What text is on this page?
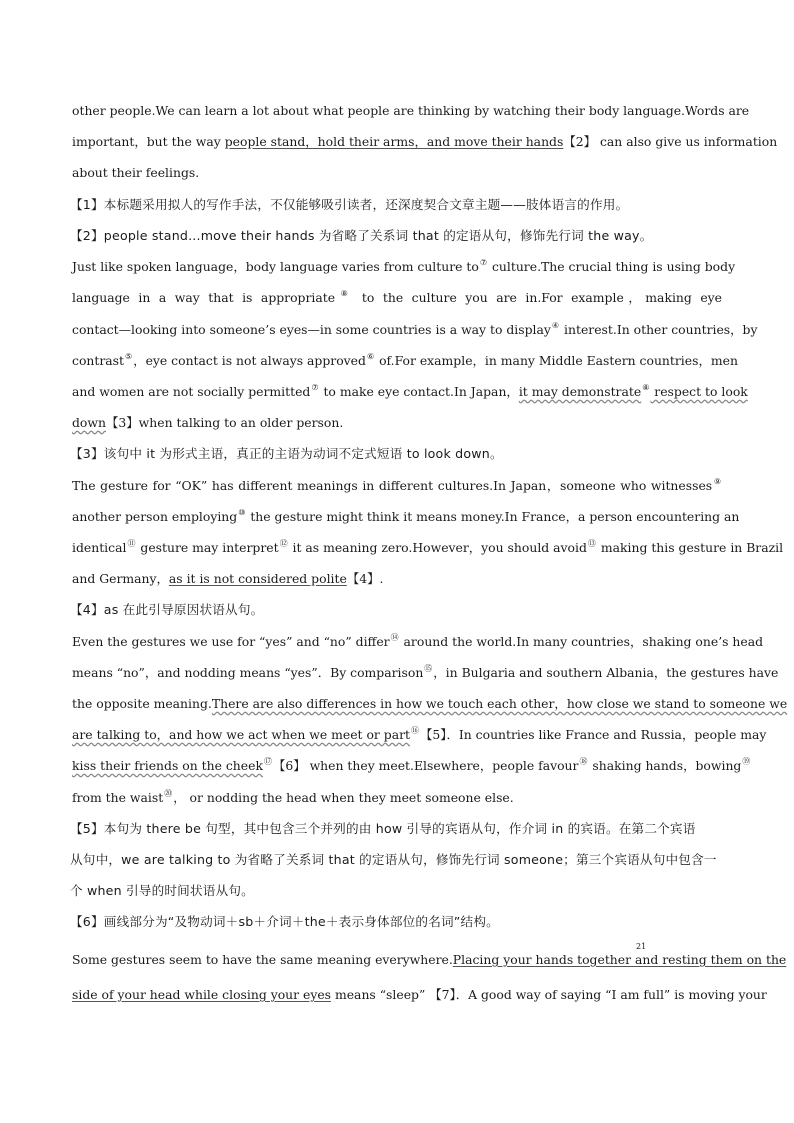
other people.We can learn a lot about what people are thinking by watching their body language.Words are
important，but the way people stand，hold their arms，and move their hands【2】 can also give us information
about their feelings.
【1】本标题采用拟人的写作手法，不仅能够吸引读者，还深度契合文章主题——肢体语言的作用。
【2】people stand...move their hands 为省略了关系词 that 的定语从句，修饰先行词 the way。
Just like spoken language，body language varies from culture to⑦ culture.The crucial thing is using body
language in a way that is appropriate⑧ to the culture you are in.For example，making eye
contact—looking into someone’s eyes—in some countries is a way to display④ interest.In other countries，by
contrast⑤，eye contact is not always approved⑥ of.For example，in many Middle Eastern countries，men
and women are not socially permitted⑦ to make eye contact.In Japan，it may demonstrate⑧ respect to look
down【3】when talking to an older person.
【3】该句中 it 为形式主语，真正的主语为动词不定式短语 to look down。
The gesture for “OK” has different meanings in different cultures.In Japan，someone who witnesses⑨
another person employing⑩ the gesture might think it means money.In France，a person encountering an
identical⑪ gesture may interpret⑫ it as meaning zero.However，you should avoid⑬ making this gesture in Brazil
and Germany，as it is not considered polite【4】.
【4】as 在此引导原因状语从句。
Even the gestures we use for “yes” and “no” differ⑭ around the world.In many countries，shaking one’s head
means “no”，and nodding means “yes”．By comparison⑮，in Bulgaria and southern Albania，the gestures have
the opposite meaning.There are also differences in how we touch each other，how close we stand to someone we
are talking to，and how we act when we meet or part⑯【5】．In countries like France and Russia，people may
kiss their friends on the cheek⑰【6】 when they meet.Elsewhere，people favour⑱ shaking hands，bowing⑲
from the waist⑳， or nodding the head when they meet someone else.
【5】本句为 there be 句型，其中包含三个并列的由 how 引导的宾语从句，作介词 in 的宾语。在第二个宾语
从句中，we are talking to 为省略了关系词 that 的定语从句，修饰先行词 someone；第三个宾语从句中包含一
个 when 引导的时间状语从句。
【6】画线部分为“及物动词＋sb＋介词＋the＋表示身体部位的名词”结构。
Some gestures seem to have the same meaning everywhere.Placing your hands together and resting them on the
side of your head while closing your eyes means “sleep” 【7】．A good way of saying “I am full” is moving your
21
